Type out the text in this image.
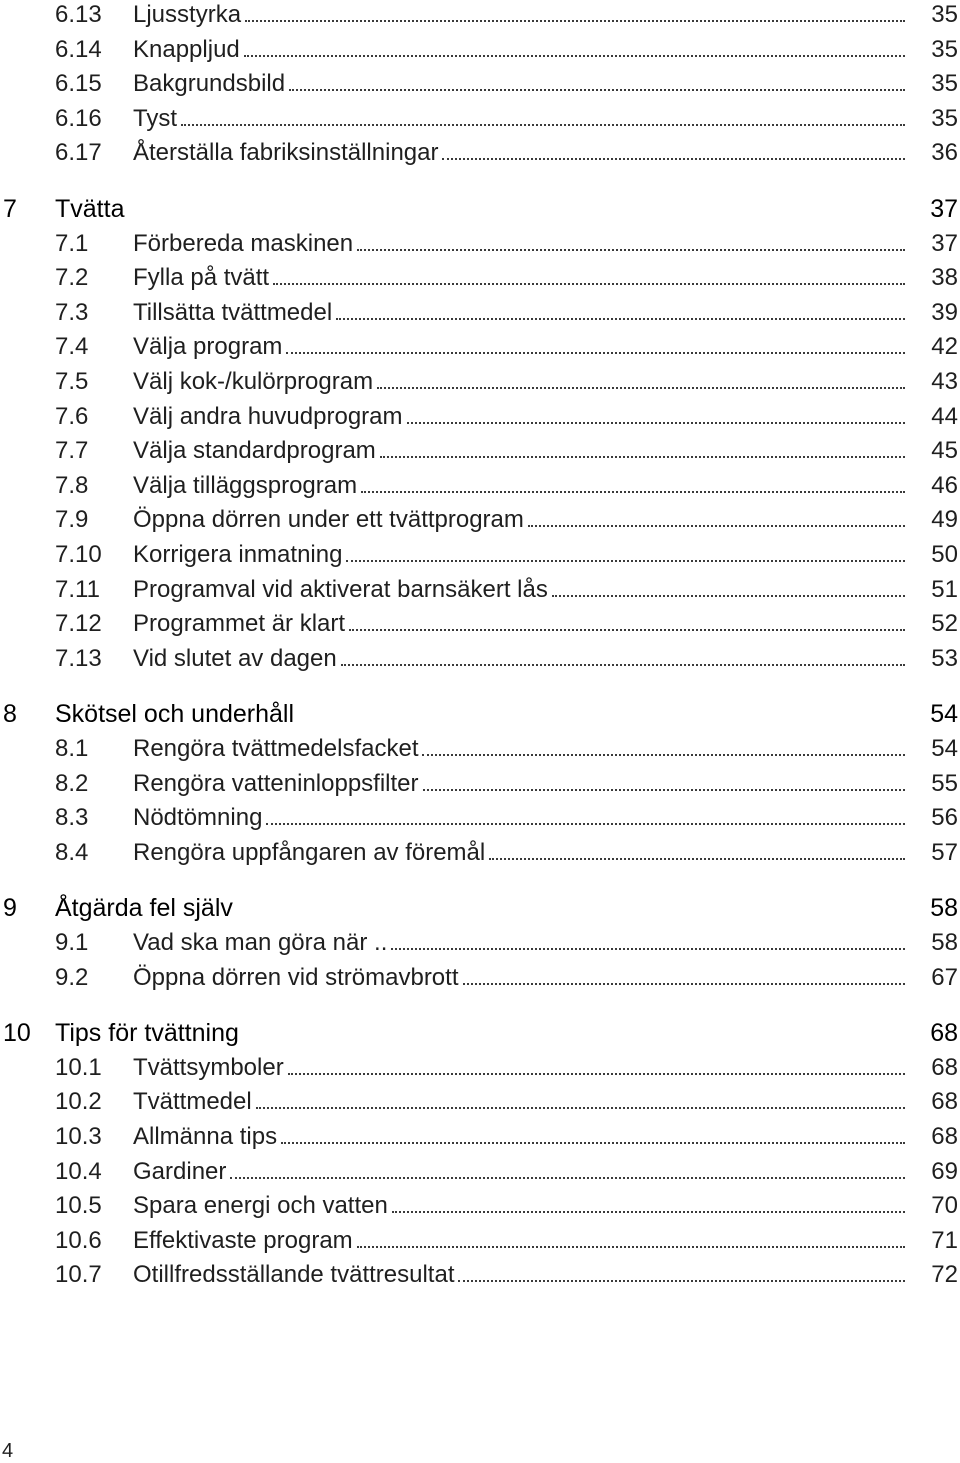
6.13 Ljusstyrka	35
6.14 Knappljud	35
6.15 Bakgrundsbild	35
6.16 Tyst	35
6.17 Återställa fabriksinställningar	36
7 Tvätta	37
7.1 Förbereda maskinen	37
7.2 Fylla på tvätt	38
7.3 Tillsätta tvättmedel	39
7.4 Välja program	42
7.5 Välj kok-/kulörprogram	43
7.6 Välj andra huvudprogram	44
7.7 Välja standardprogram	45
7.8 Välja tilläggsprogram	46
7.9 Öppna dörren under ett tvättprogram	49
7.10 Korrigera inmatning	50
7.11 Programval vid aktiverat barnsäkert lås	51
7.12 Programmet är klart	52
7.13 Vid slutet av dagen	53
8 Skötsel och underhåll	54
8.1 Rengöra tvättmedelsfacket	54
8.2 Rengöra vatteninloppsfilter	55
8.3 Nödtömning	56
8.4 Rengöra uppfångaren av föremål	57
9 Åtgärda fel själv	58
9.1 Vad ska man göra när ..	58
9.2 Öppna dörren vid strömavbrott	67
10 Tips för tvättning	68
10.1 Tvättsymboler	68
10.2 Tvättmedel	68
10.3 Allmänna tips	68
10.4 Gardiner	69
10.5 Spara energi och vatten	70
10.6 Effektivaste program	71
10.7 Otillfredsställande tvättresultat	72
4
